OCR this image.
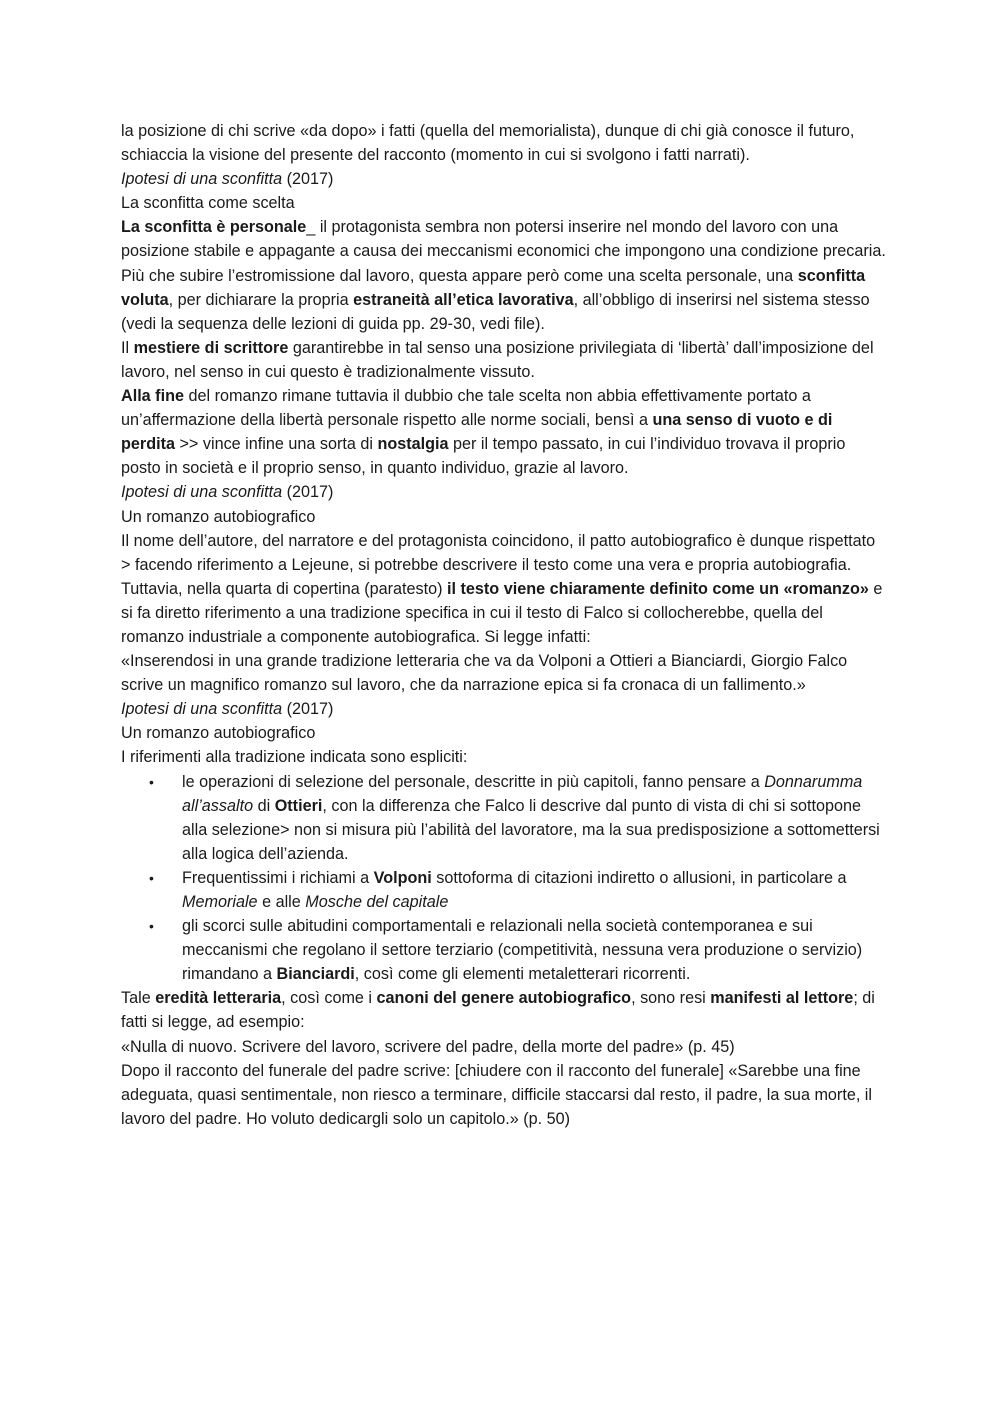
la posizione di chi scrive «da dopo» i fatti (quella del memorialista), dunque di chi già conosce il futuro, schiaccia la visione del presente del racconto (momento in cui si svolgono i fatti narrati).

Ipotesi di una sconfitta (2017)

La sconfitta come scelta

La sconfitta è personale_ il protagonista sembra non potersi inserire nel mondo del lavoro con una posizione stabile e appagante a causa dei meccanismi economici che impongono una condizione precaria.

Più che subire l’estromissione dal lavoro, questa appare però come una scelta personale, una sconfitta voluta, per dichiarare la propria estraneità all’etica lavorativa, all’obbligo di inserirsi nel sistema stesso (vedi la sequenza delle lezioni di guida pp. 29-30, vedi file).

Il mestiere di scrittore garantirebbe in tal senso una posizione privilegiata di ‘libertà’ dall’imposizione del lavoro, nel senso in cui questo è tradizionalmente vissuto.

Alla fine del romanzo rimane tuttavia il dubbio che tale scelta non abbia effettivamente portato a un’affermazione della libertà personale rispetto alle norme sociali, bensì a una senso di vuoto e di perdita >> vince infine una sorta di nostalgia per il tempo passato, in cui l’individuo trovava il proprio posto in società e il proprio senso, in quanto individuo, grazie al lavoro.

Ipotesi di una sconfitta (2017)

Un romanzo autobiografico

Il nome dell’autore, del narratore e del protagonista coincidono, il patto autobiografico è dunque rispettato > facendo riferimento a Lejeune, si potrebbe descrivere il testo come una vera e propria autobiografia.

Tuttavia, nella quarta di copertina (paratesto) il testo viene chiaramente definito come un «romanzo» e si fa diretto riferimento a una tradizione specifica in cui il testo di Falco si collocherebbe, quella del romanzo industriale a componente autobiografica. Si legge infatti:

«Inserendosi in una grande tradizione letteraria che va da Volponi a Ottieri a Bianciardi, Giorgio Falco scrive un magnifico romanzo sul lavoro, che da narrazione epica si fa cronaca di un fallimento.»

Ipotesi di una sconfitta (2017)

Un romanzo autobiografico

I riferimenti alla tradizione indicata sono espliciti:

• le operazioni di selezione del personale, descritte in più capitoli, fanno pensare a Donnarumma all’assalto di Ottieri, con la differenza che Falco li descrive dal punto di vista di chi si sottopone alla selezione> non si misura più l’abilità del lavoratore, ma la sua predisposizione a sottomettersi alla logica dell’azienda.
• Frequentissimi i richiami a Volponi sottoforma di citazioni indiretto o allusioni, in particolare a Memoriale e alle Mosche del capitale
• gli scorci sulle abitudini comportamentali e relazionali nella società contemporanea e sui meccanismi che regolano il settore terziario (competitività, nessuna vera produzione o servizio) rimandano a Bianciardi, così come gli elementi metaletterari ricorrenti.

Tale eredità letteraria, così come i canoni del genere autobiografico, sono resi manifesti al lettore; di fatti si legge, ad esempio:

«Nulla di nuovo. Scrivere del lavoro, scrivere del padre, della morte del padre» (p. 45)

Dopo il racconto del funerale del padre scrive: [chiudere con il racconto del funerale] «Sarebbe una fine adeguata, quasi sentimentale, non riesco a terminare, difficile staccarsi dal resto, il padre, la sua morte, il lavoro del padre. Ho voluto dedicargli solo un capitolo.» (p. 50)
